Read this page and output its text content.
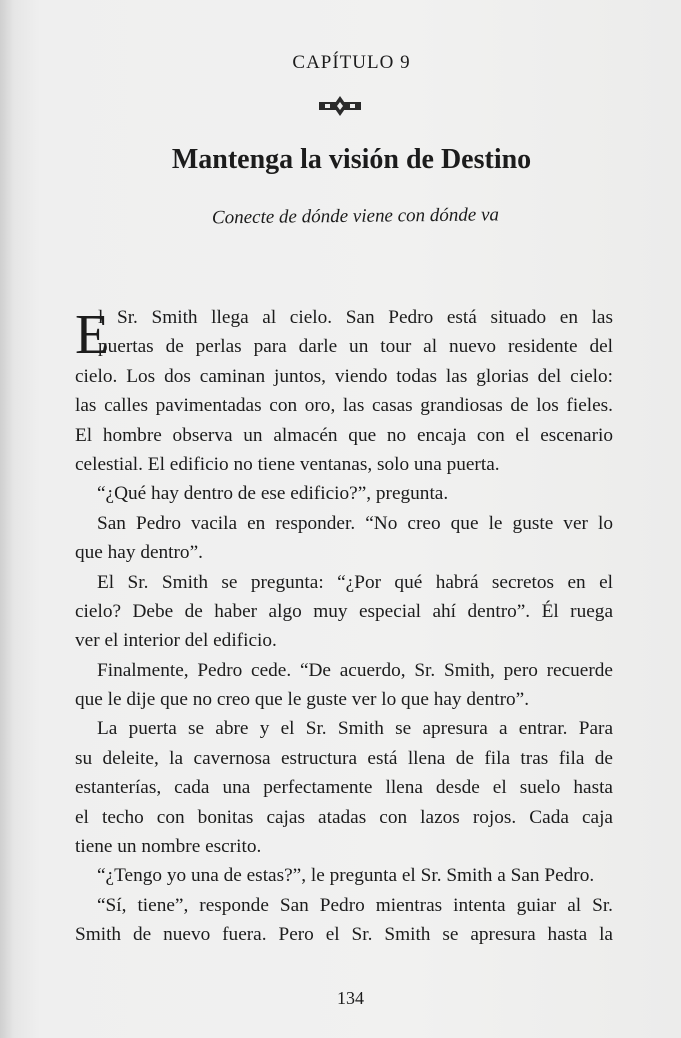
CAPÍTULO 9
Mantenga la visión de Destino
Conecte de dónde viene con dónde va
E
l Sr. Smith llega al cielo. San Pedro está situado en las
puertas de perlas para darle un tour al nuevo residente del
cielo. Los dos caminan juntos, viendo todas las glorias del cielo:
las calles pavimentadas con oro, las casas grandiosas de los fieles.
El hombre observa un almacén que no encaja con el escenario
celestial. El edificio no tiene ventanas, solo una puerta.
“¿Qué hay dentro de ese edificio?”, pregunta.
San Pedro vacila en responder. “No creo que le guste ver lo
que hay dentro”.
El Sr. Smith se pregunta: “¿Por qué habrá secretos en el
cielo? Debe de haber algo muy especial ahí dentro”. Él ruega
ver el interior del edificio.
Finalmente, Pedro cede. “De acuerdo, Sr. Smith, pero recuerde
que le dije que no creo que le guste ver lo que hay dentro”.
La puerta se abre y el Sr. Smith se apresura a entrar. Para
su deleite, la cavernosa estructura está llena de fila tras fila de
estanterías, cada una perfectamente llena desde el suelo hasta
el techo con bonitas cajas atadas con lazos rojos. Cada caja
tiene un nombre escrito.
“¿Tengo yo una de estas?”, le pregunta el Sr. Smith a San Pedro.
“Sí, tiene”, responde San Pedro mientras intenta guiar al Sr.
Smith de nuevo fuera. Pero el Sr. Smith se apresura hasta la
134
